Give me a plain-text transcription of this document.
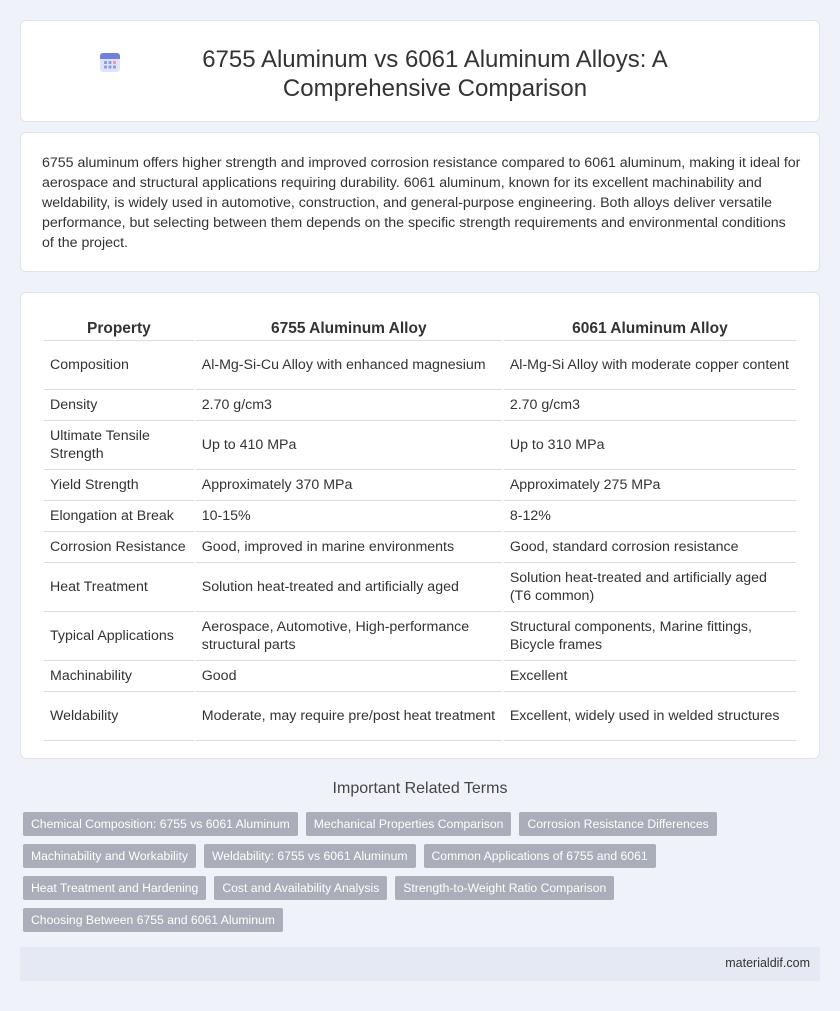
6755 Aluminum vs 6061 Aluminum Alloys: A Comprehensive Comparison

6755 aluminum offers higher strength and improved corrosion resistance compared to 6061 aluminum, making it ideal for aerospace and structural applications requiring durability. 6061 aluminum, known for its excellent machinability and weldability, is widely used in automotive, construction, and general-purpose engineering. Both alloys deliver versatile performance, but selecting between them depends on the specific strength requirements and environmental conditions of the project.

Property	6755 Aluminum Alloy	6061 Aluminum Alloy
Composition	Al-Mg-Si-Cu Alloy with enhanced magnesium	Al-Mg-Si Alloy with moderate copper content
Density	2.70 g/cm3	2.70 g/cm3
Ultimate Tensile Strength	Up to 410 MPa	Up to 310 MPa
Yield Strength	Approximately 370 MPa	Approximately 275 MPa
Elongation at Break	10-15%	8-12%
Corrosion Resistance	Good, improved in marine environments	Good, standard corrosion resistance
Heat Treatment	Solution heat-treated and artificially aged	Solution heat-treated and artificially aged (T6 common)
Typical Applications	Aerospace, Automotive, High-performance structural parts	Structural components, Marine fittings, Bicycle frames
Machinability	Good	Excellent
Weldability	Moderate, may require pre/post heat treatment	Excellent, widely used in welded structures
Important Related Terms
Chemical Composition: 6755 vs 6061 Aluminum	Mechanical Properties Comparison	Corrosion Resistance Differences
Machinability and Workability	Weldability: 6755 vs 6061 Aluminum	Common Applications of 6755 and 6061
Heat Treatment and Hardening	Cost and Availability Analysis	Strength-to-Weight Ratio Comparison
Choosing Between 6755 and 6061 Aluminum
materialdif.com
